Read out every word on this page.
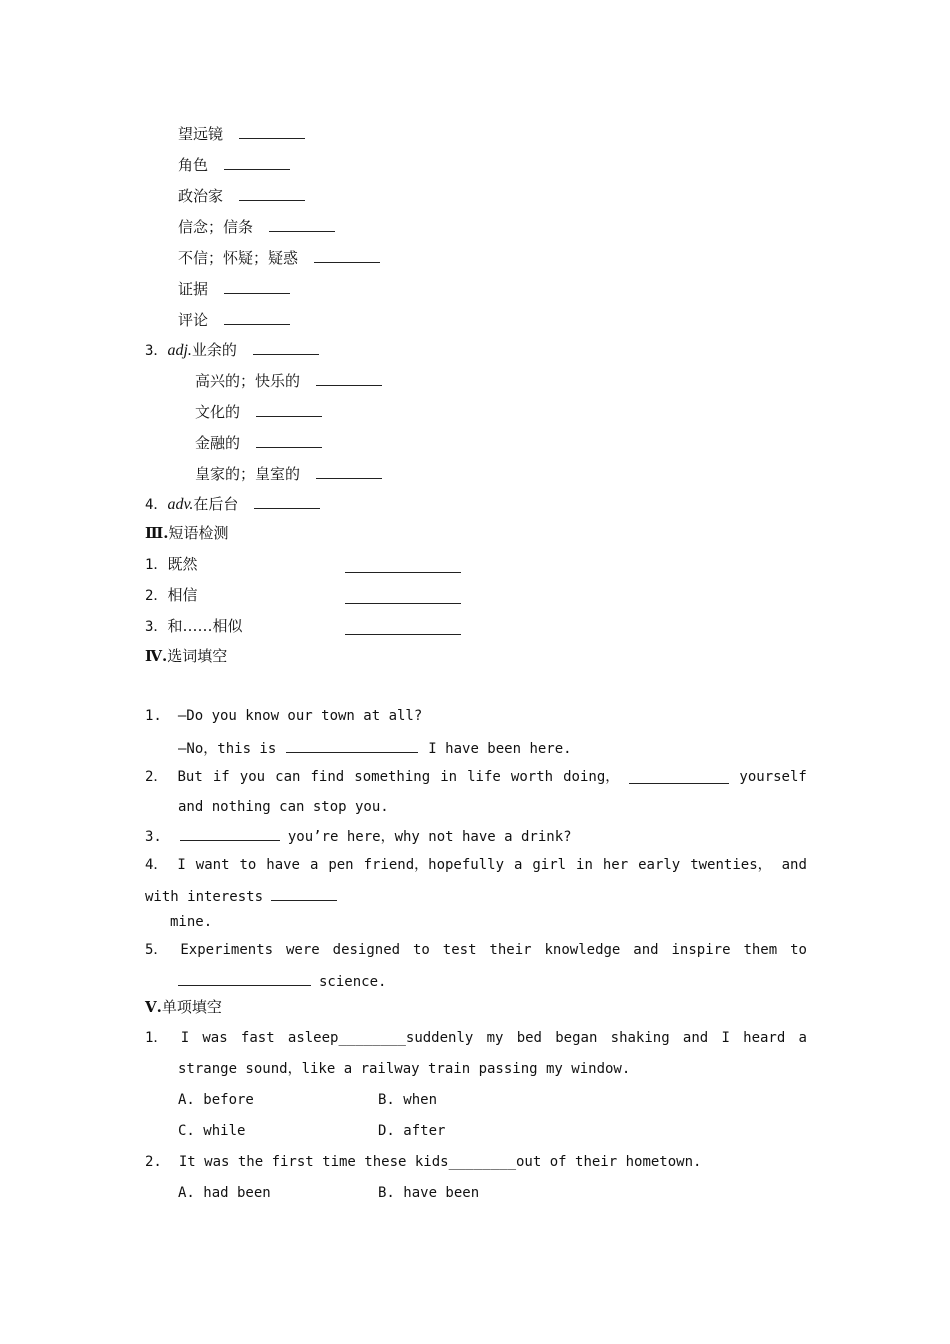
望远镜
角色
政治家
信念；信条
不信；怀疑；疑惑
证据
评论
3．adj.业余的
高兴的；快乐的
文化的
金融的
皇家的；皇室的
4．adv.在后台
Ⅲ.短语检测
1．既然
2．相信
3．和……相似
Ⅳ.选词填空
1. —Do you know our town at all?
—No，this is	I have been here.
2． But if you can find something in life worth doing，	yourself
and nothing can stop you.
3.	you’re here，why not have a drink?
4． I want to have a pen friend，hopefully a girl in her early twenties， and
with interests
mine.
5． Experiments were designed to test their knowledge and inspire them to
science.
Ⅴ.单项填空
1． I was fast asleep________suddenly my bed began shaking and I heard a
strange sound，like a railway train passing my window.
A. before	B. when
C. while	D. after
2. It was the first time these kids________out of their hometown.
A. had been	B. have been
